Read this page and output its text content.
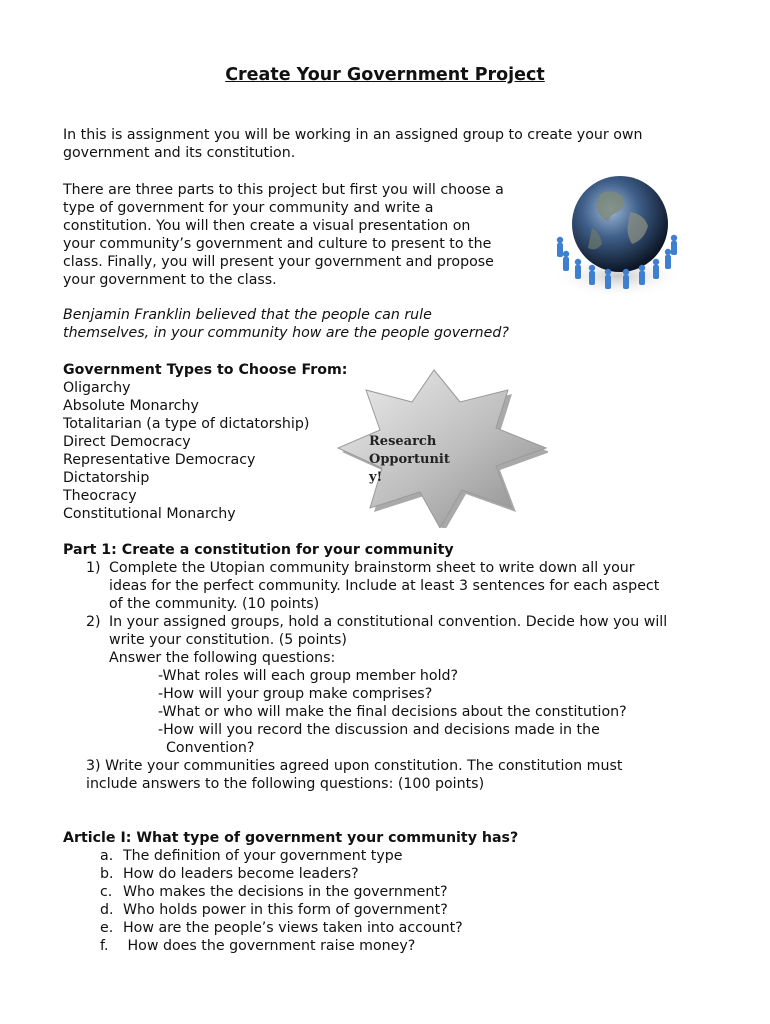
Create Your Government Project
In this is assignment you will be working in an assigned group to create your own
government and its constitution.
There are three parts to this project but first you will choose a
type of government for your community and write a
constitution. You will then create a visual presentation on
your community’s government and culture to present to the
class. Finally, you will present your government and propose
your government to the class.
Benjamin Franklin believed that the people can rule
themselves, in your community how are the people governed?
Government Types to Choose From:
Oligarchy
Absolute Monarchy
Totalitarian (a type of dictatorship)
Direct Democracy
Representative Democracy
Dictatorship
Theocracy
Constitutional Monarchy
Research
Opportunit
y!
Part 1: Create a constitution for your community
1) Complete the Utopian community brainstorm sheet to write down all your
ideas for the perfect community. Include at least 3 sentences for each aspect
of the community. (10 points)
2) In your assigned groups, hold a constitutional convention. Decide how you will
write your constitution. (5 points)
Answer the following questions:
-What roles will each group member hold?
-How will your group make comprises?
-What or who will make the final decisions about the constitution?
-How will you record the discussion and decisions made in the
Convention?
3) Write your communities agreed upon constitution. The constitution must
include answers to the following questions: (100 points)
Article I: What type of government your community has?
a. The definition of your government type
b. How do leaders become leaders?
c. Who makes the decisions in the government?
d. Who holds power in this form of government?
e. How are the people’s views taken into account?
f. How does the government raise money?
